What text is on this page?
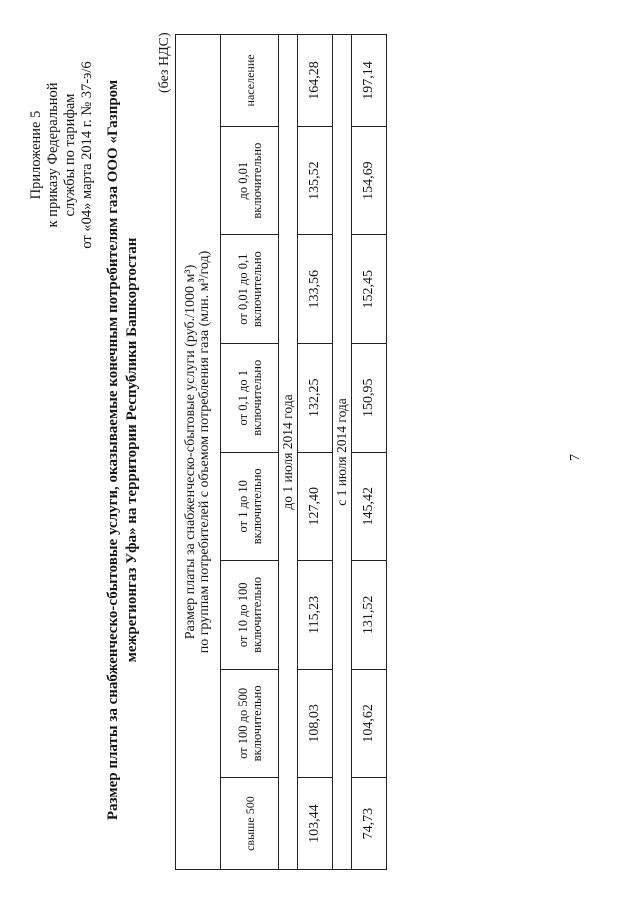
Приложение 5 к приказу Федеральной службы по тарифам от «04» марта 2014 г. № 37-э/6 Размер платы за снабженческо-сбытовые услуги, оказываемые конечным потребителям газа ООО «Газпром межрегионгаз Уфа» на территории Республики Башкортостан
(без НДС)
Размер платы за снабженческо-сбытовые услуги (руб./1000 м³) по группам потребителей с объемом потребления газа (млн. м³/год)							

свыше 500	от 100 до 500 включительно	от 10 до 100 включительно	от 1 до 10 включительно	от 0,1 до 1 включительно	от 0,01 до 0,1 включительно	до 0,01 включительно	население
до 1 июля 2014 года							
103,44	108,03	115,23	127,40	132,25	133,56	135,52	164,28
с 1 июля 2014 года							
74,73	104,62	131,52	145,42	150,95	152,45	154,69	197,14
7
